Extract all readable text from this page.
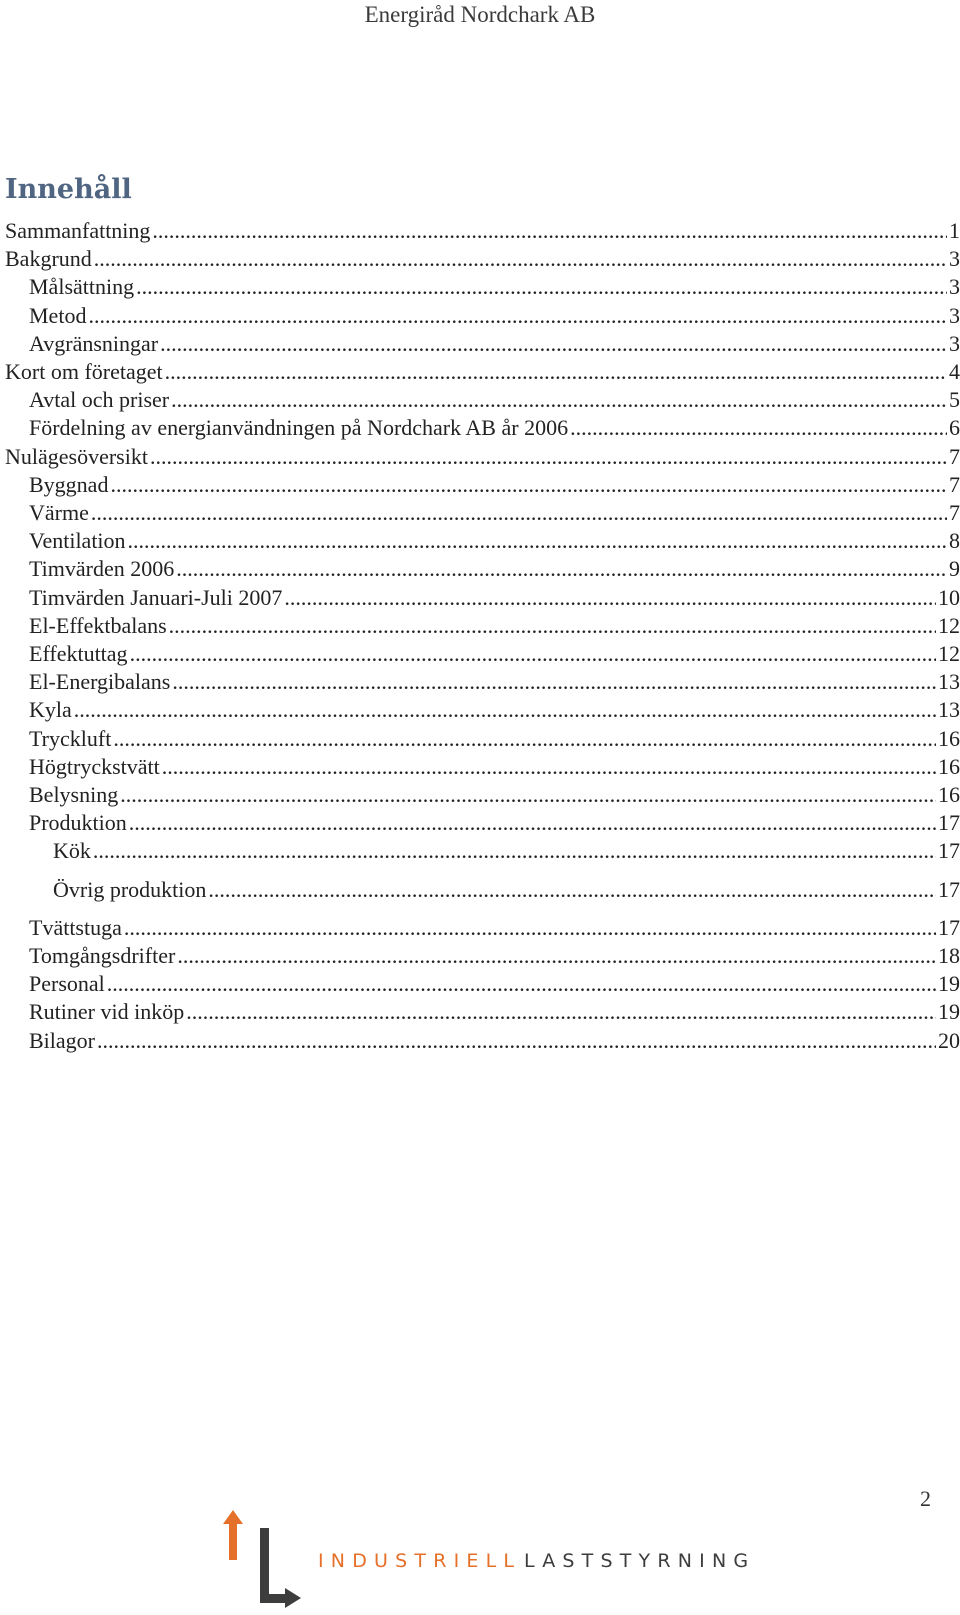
Energiråd Nordchark AB
Innehåll
Sammanfattning .....	1
Bakgrund .....	3
Målsättning .....	3
Metod .....	3
Avgränsningar .....	3
Kort om företaget .....	4
Avtal och priser .....	5
Fördelning av energianvändningen på Nordchark AB år 2006 .....	6
Nulägesöversikt .....	7
Byggnad .....	7
Värme .....	7
Ventilation .....	8
Timvärden 2006 .....	9
Timvärden Januari-Juli 2007 .....	10
El-Effektbalans .....	12
Effektuttag .....	12
El-Energibalans .....	13
Kyla .....	13
Tryckluft .....	16
Högtryckstvätt .....	16
Belysning .....	16
Produktion .....	17
Kök .....	17
Övrig produktion .....	17
Tvättstuga .....	17
Tomgångsdrifter .....	18
Personal .....	19
Rutiner vid inköp .....	19
Bilagor .....	20
2
INDUSTRIELL LASTSTYRNING
